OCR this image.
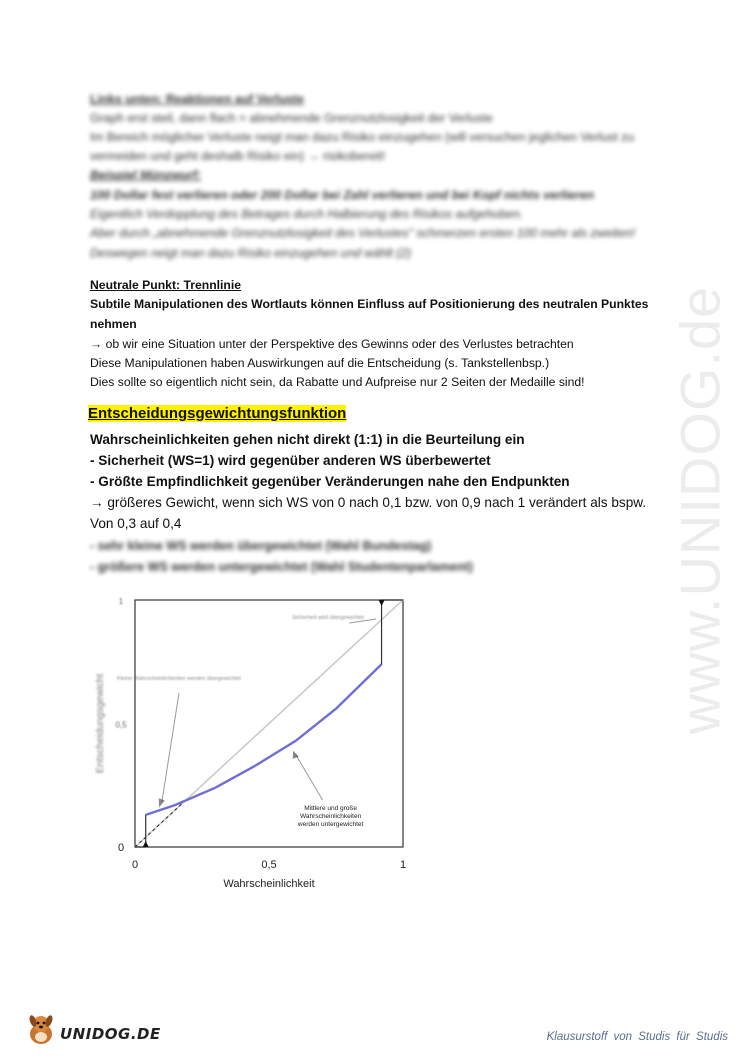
Links unten: Reaktionen auf Verluste
Graph erst steil, dann flach = abnehmende Grenznutzlosigkeit der Verluste
Im Bereich möglicher Verluste neigt man dazu Risiko einzugehen (will versuchen jeglichen Verlust zu
vermeiden und geht deshalb Risiko ein) → risikobereit!
Beispiel Münzwurf:
100 Dollar fest verlieren oder 200 Dollar bei Zahl verlieren und bei Kopf nichts verlieren
Eigentlich Verdopplung des Betrages durch Halbierung des Risikos aufgehoben.
Aber durch „abnehmende Grenznutzlosigkeit des Verlustes" schmerzen ersten 100 mehr als zweiten!
Deswegen neigt man dazu Risiko einzugehen und wählt (2)
Neutrale Punkt: Trennlinie
Subtile Manipulationen des Wortlauts können Einfluss auf Positionierung des neutralen Punktes
nehmen
→ ob wir eine Situation unter der Perspektive des Gewinns oder des Verlustes betrachten
Diese Manipulationen haben Auswirkungen auf die Entscheidung (s. Tankstellenbsp.)
Dies sollte so eigentlich nicht sein, da Rabatte und Aufpreise nur 2 Seiten der Medaille sind!
Entscheidungsgewichtungsfunktion
Wahrscheinlichkeiten gehen nicht direkt (1:1) in die Beurteilung ein
- Sicherheit (WS=1) wird gegenüber anderen WS überbewertet
- Größte Empfindlichkeit gegenüber Veränderungen nahe den Endpunkten
→ größeres Gewicht, wenn sich WS von 0 nach 0,1 bzw. von 0,9 nach 1 verändert als bspw.
Von 0,3 auf 0,4
- sehr kleine WS werden übergewichtet (Wahl Bundestag)
- größere WS werden untergewichtet (Wahl Studentenparlament)
0	0,5	1
0
0,5
1
Wahrscheinlichkeit
Entscheidungsgewicht Kleine Wahrscheinlichkeiten werden übergewichtet
Sicherheit wird übergewichtet
Mittlere und große
Wahrscheinlichkeiten
werden untergewichtet
www.UNIDOG.de
UNIDOG.DE	Klausurstoff von Studis für Studis
